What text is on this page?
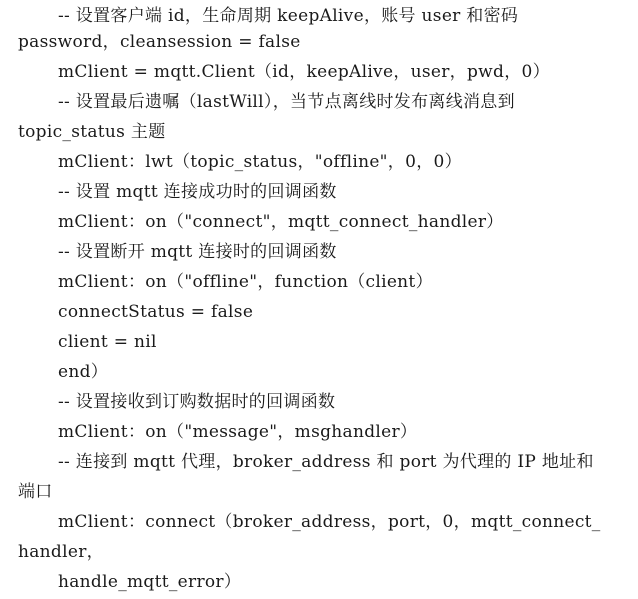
-- 设置客户端 id，生命周期 keepAlive，账号 user 和密码
password，cleansession = false
mClient = mqtt.Client（id，keepAlive，user，pwd，0）
-- 设置最后遗嘱（lastWill），当节点离线时发布离线消息到
topic_status 主题
mClient：lwt（topic_status，"offline"，0，0）
-- 设置 mqtt 连接成功时的回调函数
mClient：on（"connect"，mqtt_connect_handler）
-- 设置断开 mqtt 连接时的回调函数
mClient：on（"offline"，function（client）
connectStatus = false
client = nil
end）
-- 设置接收到订购数据时的回调函数
mClient：on（"message"，msghandler）
-- 连接到 mqtt 代理，broker_address 和 port 为代理的 IP 地址和
端口
mClient：connect（broker_address，port，0，mqtt_connect_
handler，
handle_mqtt_error）
